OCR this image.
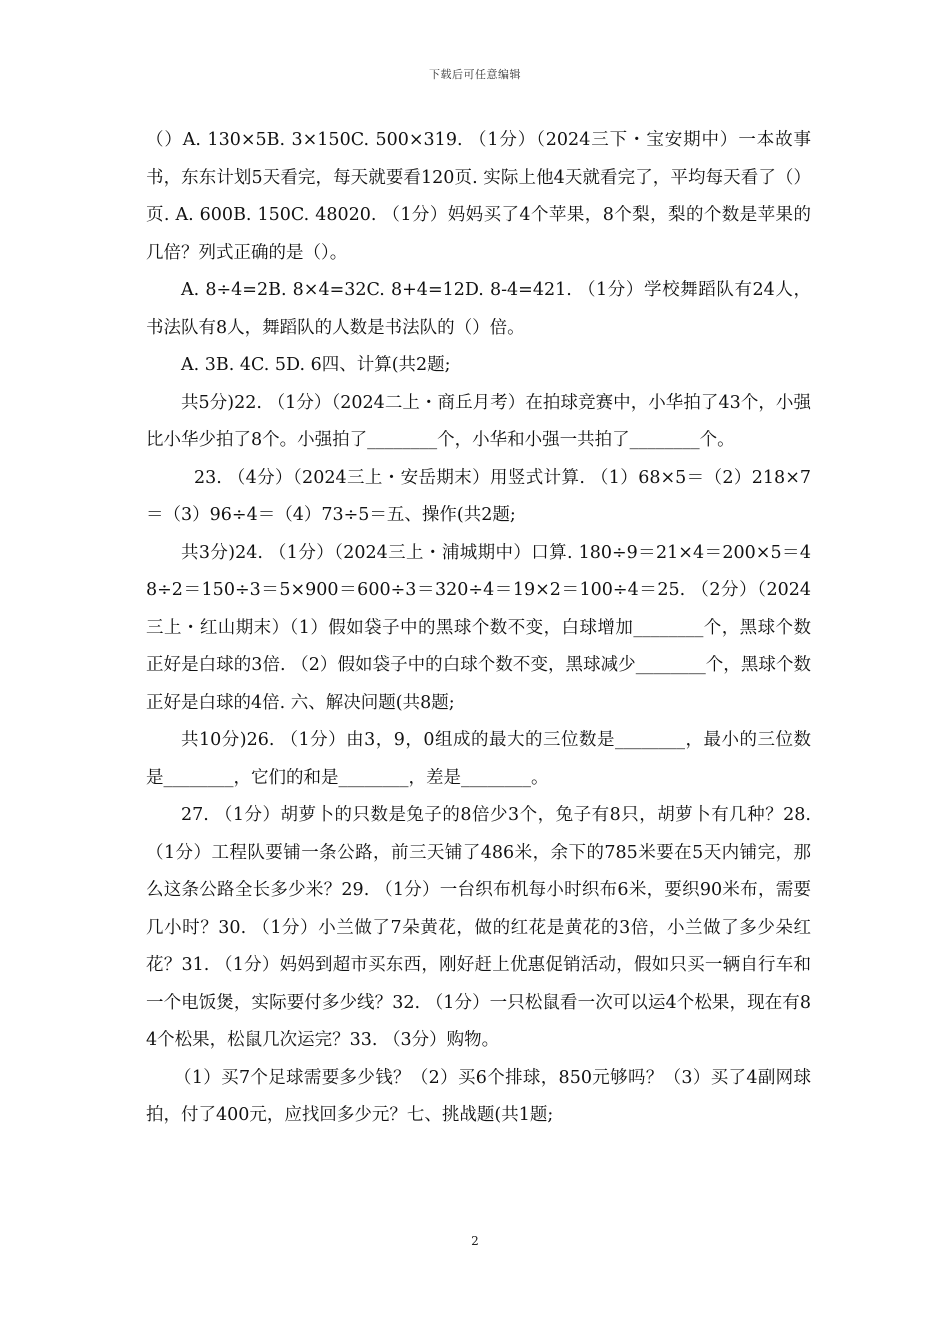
下载后可任意编辑

（）A. 130×5B. 3×150C. 500×319. （1分）（2024三下・宝安期中）一本故事书，东东计划5天看完，每天就要看120页. 实际上他4天就看完了，平均每天看了（）页. A. 600B. 150C. 48020. （1分）妈妈买了4个苹果，8个梨，梨的个数是苹果的几倍？列式正确的是（）。

A. 8÷4=2B. 8×4=32C. 8+4=12D. 8-4=421. （1分）学校舞蹈队有24人，书法队有8人，舞蹈队的人数是书法队的（）倍。

A. 3B. 4C. 5D. 6四、计算(共2题;

共5分)22. （1分）（2024二上・商丘月考）在拍球竞赛中，小华拍了43个，小强比小华少拍了8个。小强拍了________个，小华和小强一共拍了________个。

23. （4分）（2024三上・安岳期末）用竖式计算. （1）68×5＝（2）218×7＝（3）96÷4＝（4）73÷5＝五、操作(共2题;

共3分)24. （1分）（2024三上・浦城期中）口算. 180÷9＝21×4＝200×5＝48÷2＝150÷3＝5×900＝600÷3＝320÷4＝19×2＝100÷4＝25. （2分）（2024三上・红山期末）（1）假如袋子中的黑球个数不变，白球增加________个，黑球个数正好是白球的3倍. （2）假如袋子中的白球个数不变，黑球减少________个，黑球个数正好是白球的4倍. 六、解决问题(共8题;

共10分)26. （1分）由3，9，0组成的最大的三位数是________，最小的三位数是________，它们的和是________，差是________。

27. （1分）胡萝卜的只数是兔子的8倍少3个，兔子有8只，胡萝卜有几种？28. （1分）工程队要铺一条公路，前三天铺了486米，余下的785米要在5天内铺完，那么这条公路全长多少米？29. （1分）一台织布机每小时织布6米，要织90米布，需要几小时？30. （1分）小兰做了7朵黄花，做的红花是黄花的3倍，小兰做了多少朵红花？31. （1分）妈妈到超市买东西，刚好赶上优惠促销活动，假如只买一辆自行车和一个电饭煲，实际要付多少线？32. （1分）一只松鼠看一次可以运4个松果，现在有84个松果，松鼠几次运完？33. （3分）购物。

（1）买7个足球需要多少钱？（2）买6个排球，850元够吗？（3）买了4副网球拍，付了400元，应找回多少元？七、挑战题(共1题;

2
